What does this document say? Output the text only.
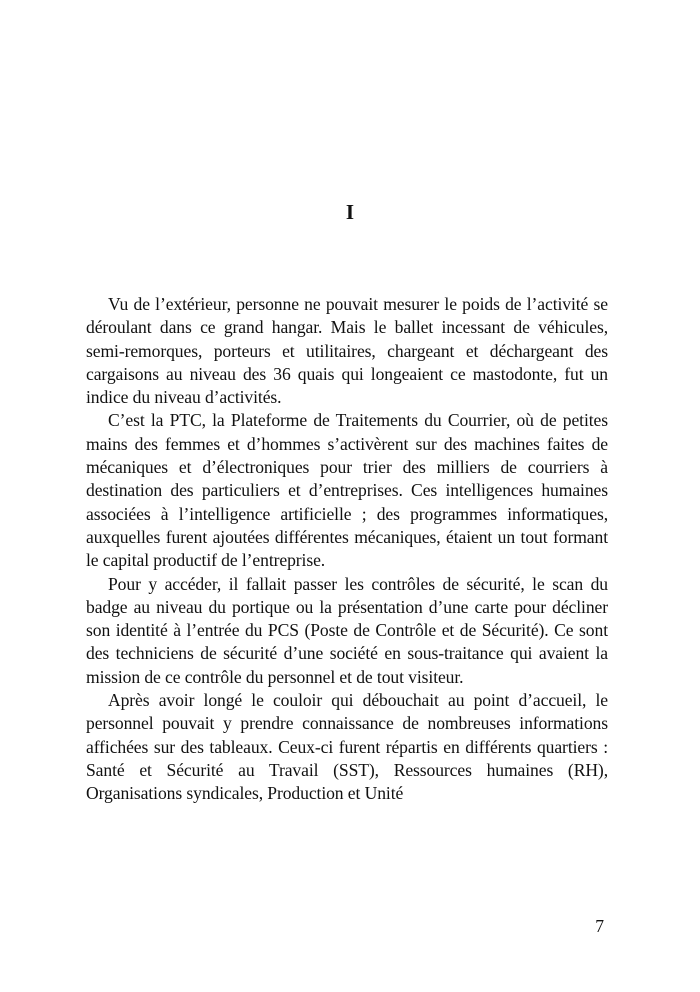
I

Vu de l’extérieur, personne ne pouvait mesurer le poids de l’activité se déroulant dans ce grand hangar. Mais le ballet incessant de véhicules, semi-remorques, porteurs et utilitaires, chargeant et déchargeant des cargaisons au niveau des 36 quais qui longeaient ce mastodonte, fut un indice du niveau d’activités.

C’est la PTC, la Plateforme de Traitements du Courrier, où de petites mains des femmes et d’hommes s’activèrent sur des machines faites de mécaniques et d’électroniques pour trier des milliers de courriers à destination des particuliers et d’entreprises. Ces intelligences humaines associées à l’intelligence artificielle ; des programmes informatiques, auxquelles furent ajoutées différentes mécaniques, étaient un tout formant le capital productif de l’entreprise.

Pour y accéder, il fallait passer les contrôles de sécurité, le scan du badge au niveau du portique ou la présentation d’une carte pour décliner son identité à l’entrée du PCS (Poste de Contrôle et de Sécurité). Ce sont des techniciens de sécurité d’une société en sous-traitance qui avaient la mission de ce contrôle du personnel et de tout visiteur.

Après avoir longé le couloir qui débouchait au point d’accueil, le personnel pouvait y prendre connaissance de nombreuses informations affichées sur des tableaux. Ceux-ci furent répartis en différents quartiers : Santé et Sécurité au Travail (SST), Ressources humaines (RH), Organisations syndicales, Production et Unité

7
